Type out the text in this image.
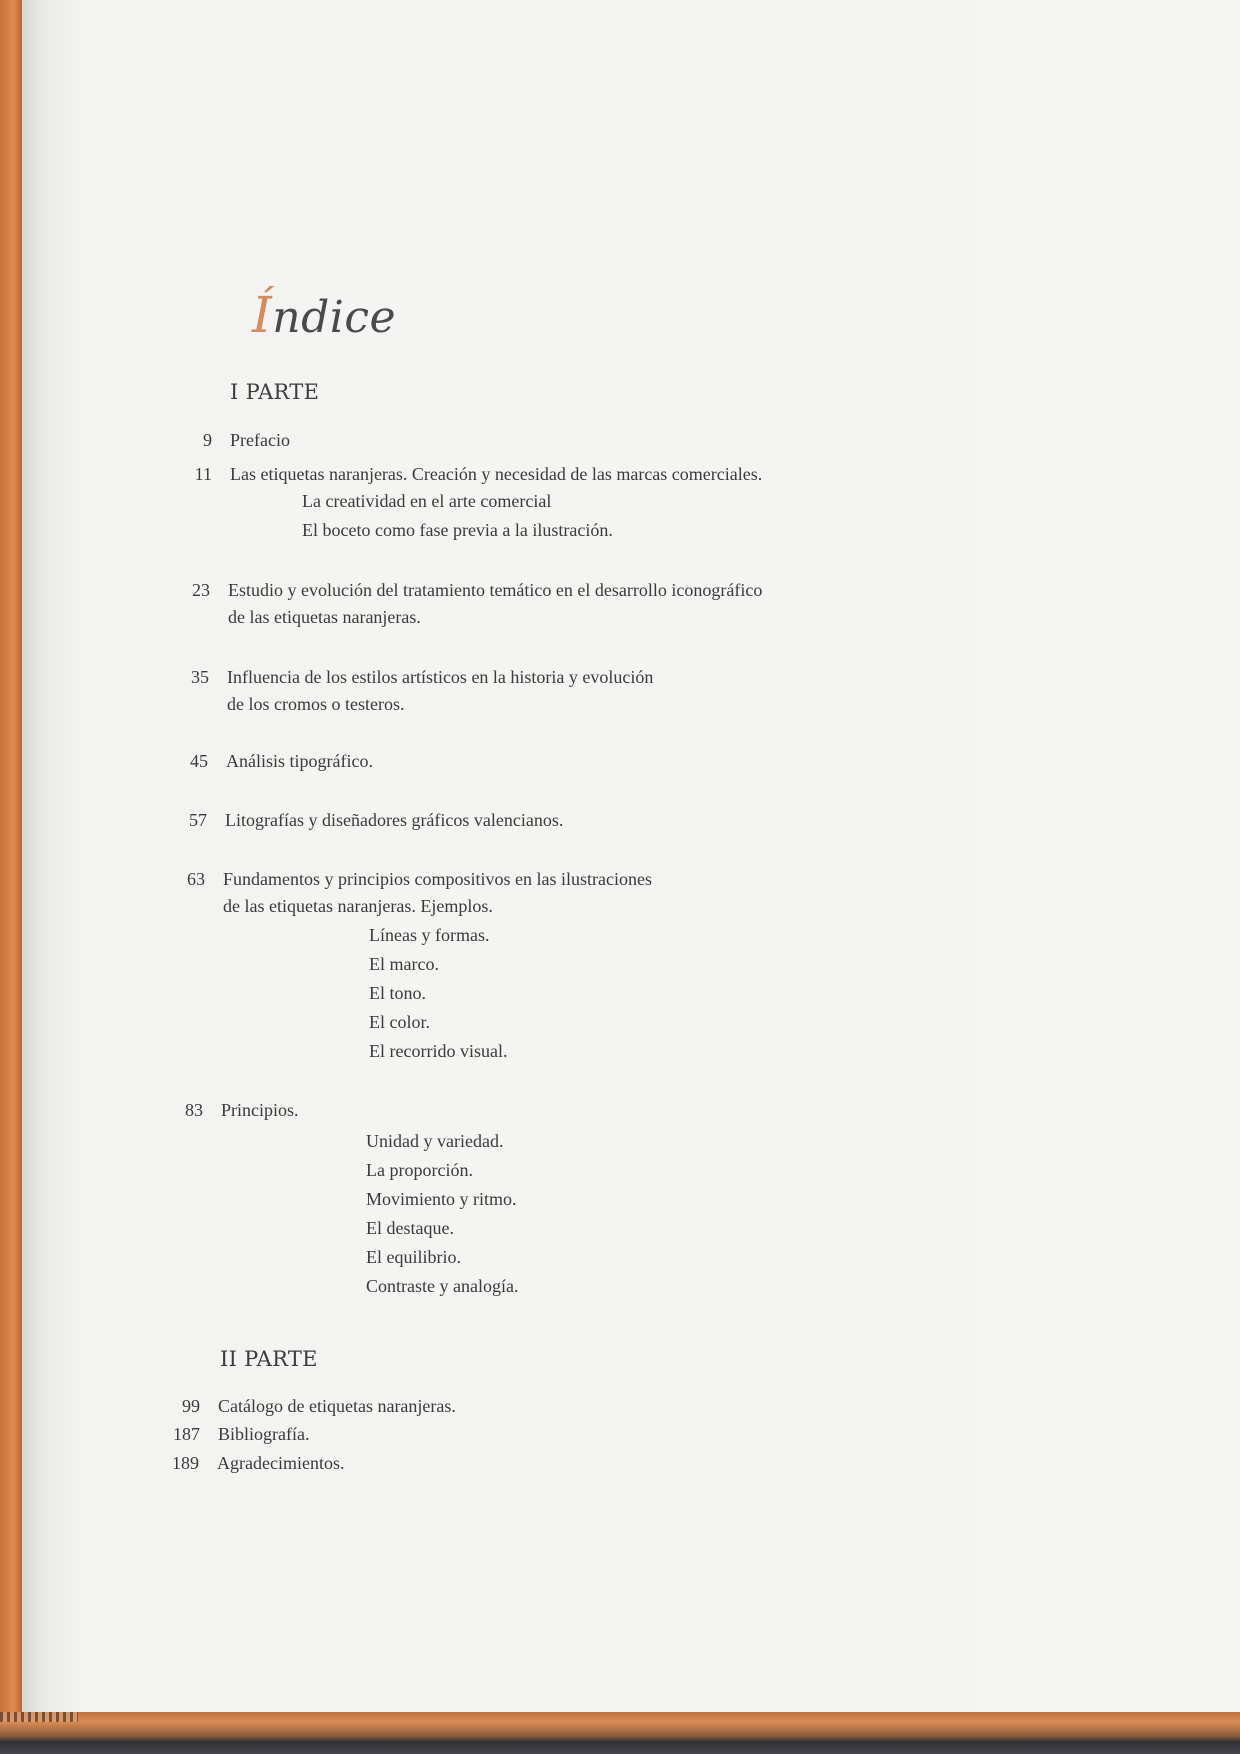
Índice
I PARTE
9 Prefacio
11 Las etiquetas naranjeras. Creación y necesidad de las marcas comerciales.
La creatividad en el arte comercial
El boceto como fase previa a la ilustración.
23 Estudio y evolución del tratamiento temático en el desarrollo iconográfico
de las etiquetas naranjeras.
35 Influencia de los estilos artísticos en la historia y evolución
de los cromos o testeros.
45 Análisis tipográfico.
57 Litografías y diseñadores gráficos valencianos.
63 Fundamentos y principios compositivos en las ilustraciones
de las etiquetas naranjeras. Ejemplos.
Líneas y formas.
El marco.
El tono.
El color.
El recorrido visual.
83 Principios.
Unidad y variedad.
La proporción.
Movimiento y ritmo.
El destaque.
El equilibrio.
Contraste y analogía.
II PARTE
99 Catálogo de etiquetas naranjeras.
187 Bibliografía.
189 Agradecimientos.
